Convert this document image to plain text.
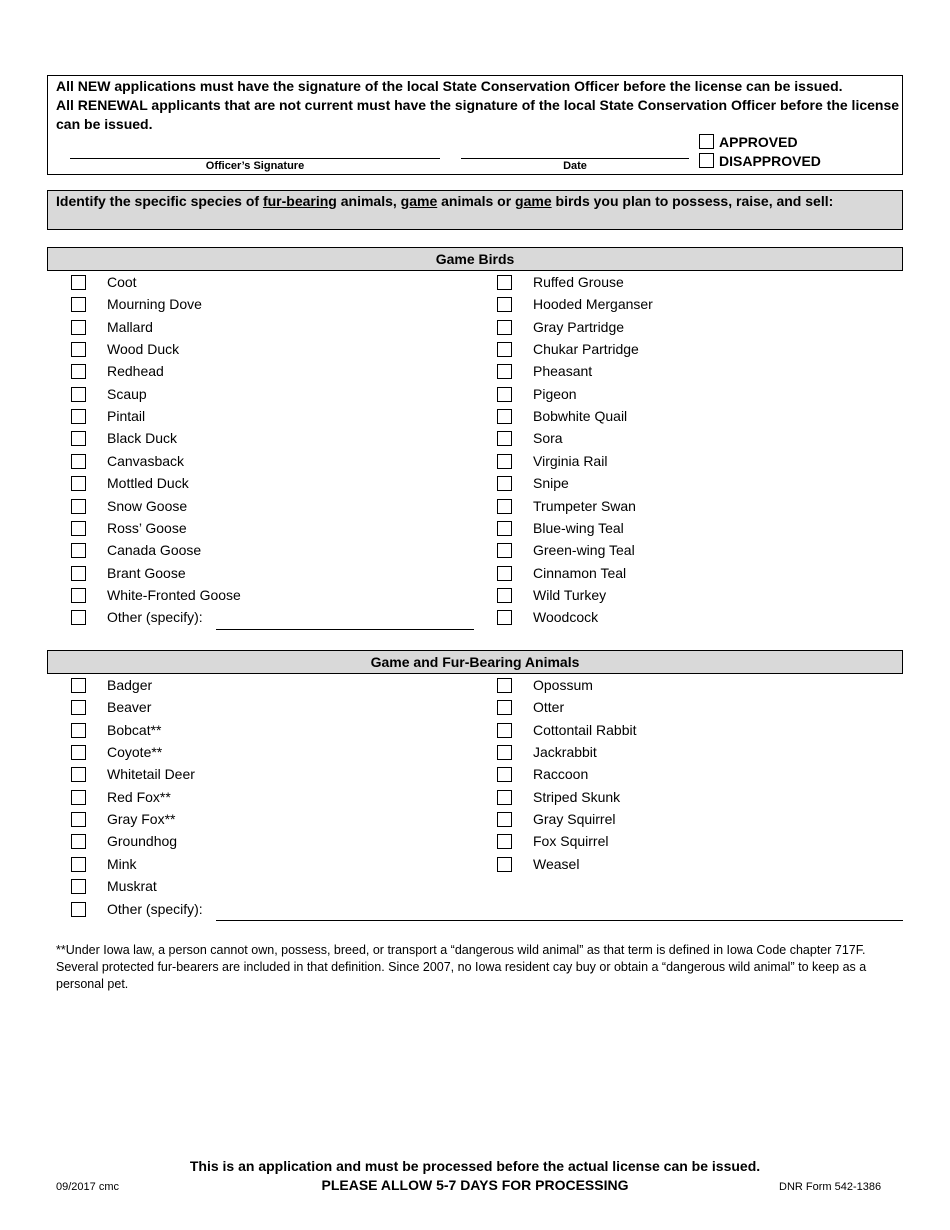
All NEW applications must have the signature of the local State Conservation Officer before the license can be issued.
All RENEWAL applicants that are not current must have the signature of the local State Conservation Officer before the license
can be issued.
Officer’s Signature	Date
APPROVED
DISAPPROVED
Identify the specific species of fur-bearing animals, game animals or game birds you plan to possess, raise, and sell:
Game Birds
Coot
Mourning Dove
Mallard
Wood Duck
Redhead
Scaup
Pintail
Black Duck
Canvasback
Mottled Duck
Snow Goose
Ross’ Goose
Canada Goose
Brant Goose
White-Fronted Goose
Other (specify):
Ruffed Grouse
Hooded Merganser
Gray Partridge
Chukar Partridge
Pheasant
Pigeon
Bobwhite Quail
Sora
Virginia Rail
Snipe
Trumpeter Swan
Blue-wing Teal
Green-wing Teal
Cinnamon Teal
Wild Turkey
Woodcock
Game and Fur-Bearing Animals
Badger
Beaver
Bobcat**
Coyote**
Whitetail Deer
Red Fox**
Gray Fox**
Groundhog
Mink
Muskrat
Other (specify):
Opossum
Otter
Cottontail Rabbit
Jackrabbit
Raccoon
Striped Skunk
Gray Squirrel
Fox Squirrel
Weasel
**Under Iowa law, a person cannot own, possess, breed, or transport a “dangerous wild animal” as that term is defined in Iowa Code chapter 717F.
Several protected fur-bearers are included in that definition. Since 2007, no Iowa resident cay buy or obtain a “dangerous wild animal” to keep as a
personal pet.
This is an application and must be processed before the actual license can be issued.
PLEASE ALLOW 5-7 DAYS FOR PROCESSING
09/2017 cmc	DNR Form 542-1386
